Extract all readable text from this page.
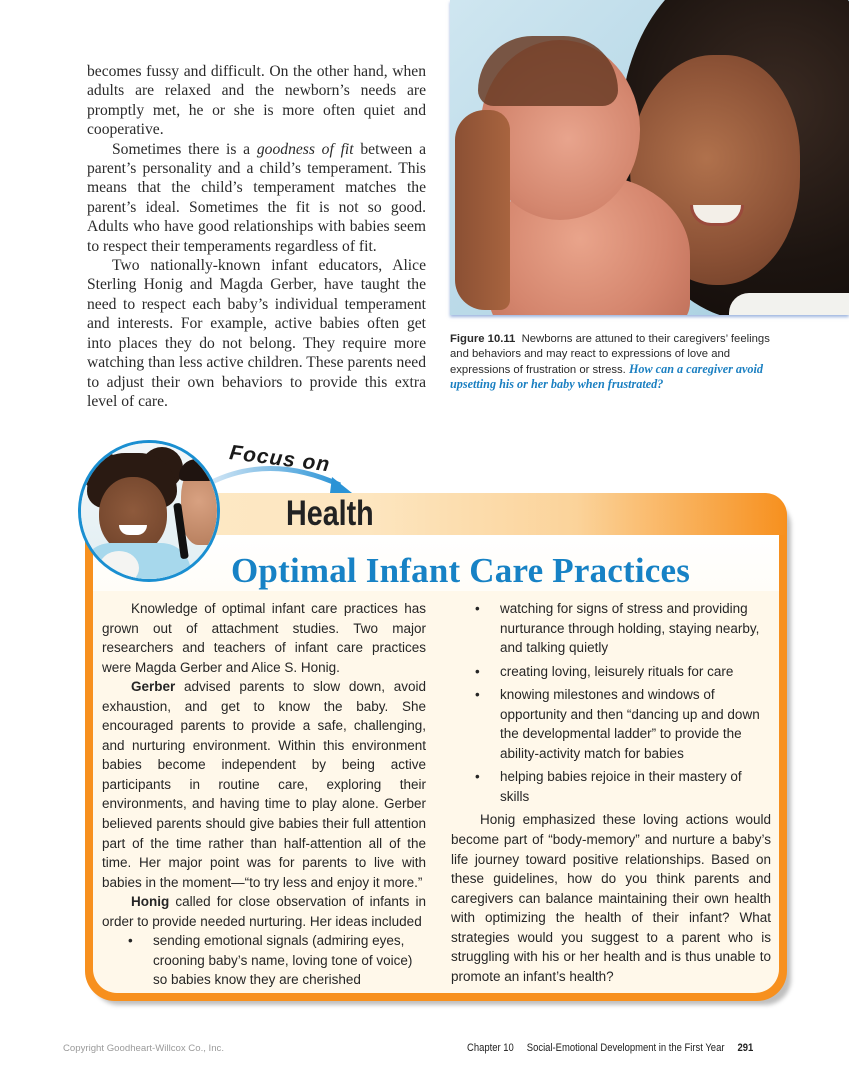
becomes fussy and difficult. On the other hand, when adults are relaxed and the newborn’s needs are promptly met, he or she is more often quiet and cooperative.

Sometimes there is a goodness of fit between a parent’s personality and a child’s temperament. This means that the child’s temperament matches the parent’s ideal. Sometimes the fit is not so good. Adults who have good relationships with babies seem to respect their temperaments regardless of fit.

Two nationally-known infant educators, Alice Sterling Honig and Magda Gerber, have taught the need to respect each baby’s individual temperament and interests. For example, active babies often get into places they do not belong. They require more watching than less active children. These parents need to adjust their own behaviors to provide this extra level of care.

Figure 10.11 Newborns are attuned to their caregivers’ feelings and behaviors and may react to expressions of love and expressions of frustration or stress. How can a caregiver avoid upsetting his or her baby when frustrated?
Focus on
Health
Optimal Infant Care Practices

Knowledge of optimal infant care practices has grown out of attachment studies. Two major researchers and teachers of infant care practices were Magda Gerber and Alice S. Honig.

Gerber advised parents to slow down, avoid exhaustion, and get to know the baby. She encouraged parents to provide a safe, challenging, and nurturing environment. Within this environment babies become independent by being active participants in routine care, exploring their environments, and having time to play alone. Gerber believed parents should give babies their full attention part of the time rather than half-attention all of the time. Her major point was for parents to live with babies in the moment—“to try less and enjoy it more.”

Honig called for close observation of infants in order to provide needed nurturing. Her ideas included

• sending emotional signals (admiring eyes, crooning baby’s name, loving tone of voice) so babies know they are cherished
• watching for signs of stress and providing nurturance through holding, staying nearby, and talking quietly
• creating loving, leisurely rituals for care
• knowing milestones and windows of opportunity and then “dancing up and down the developmental ladder” to provide the ability-activity match for babies
• helping babies rejoice in their mastery of skills

Honig emphasized these loving actions would become part of “body-memory” and nurture a baby’s life journey toward positive relationships. Based on these guidelines, how do you think parents and caregivers can balance maintaining their own health with optimizing the health of their infant? What strategies would you suggest to a parent who is struggling with his or her health and is thus unable to promote an infant’s health?

Copyright Goodheart-Willcox Co., Inc.	Chapter 10 Social-Emotional Development in the First Year 291
